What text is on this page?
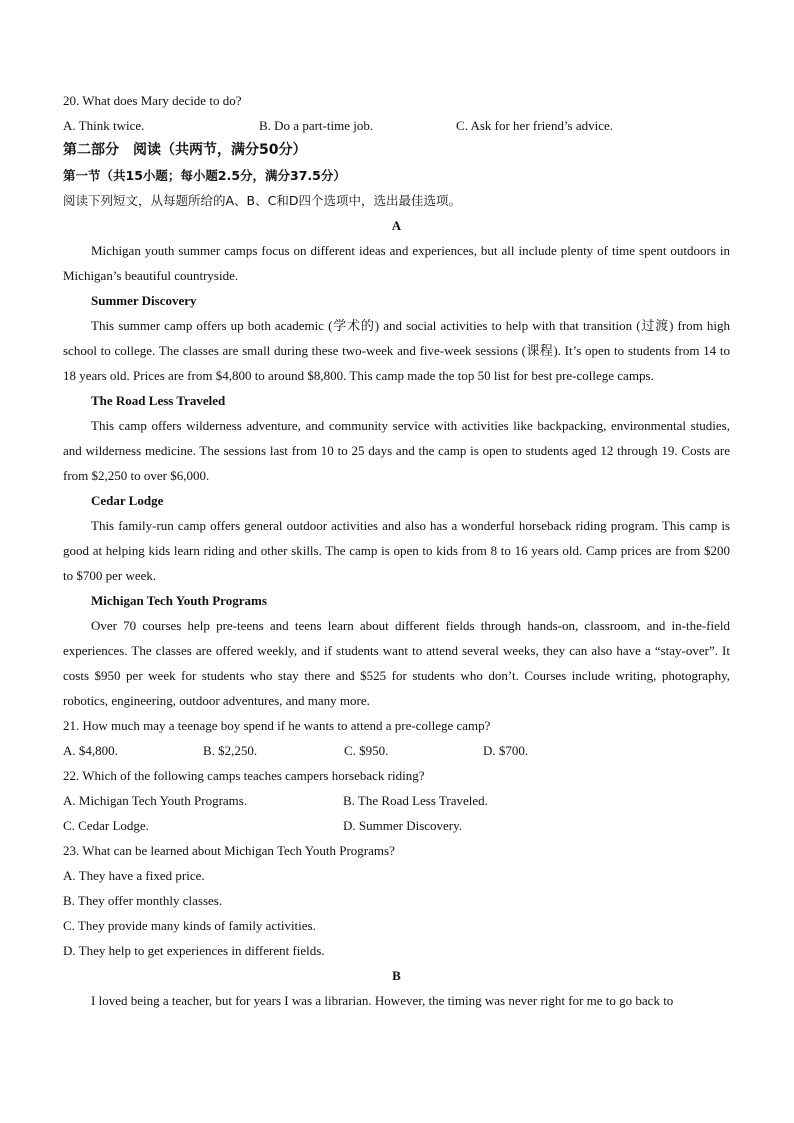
20. What does Mary decide to do?
A. Think twice.	B. Do a part-time job.	C. Ask for her friend’s advice.
第二部分　阅读（共两节，满分50分）
第一节（共15小题；每小题2.5分，满分37.5分）
阅读下列短文，从每题所给的A、B、C和D四个选项中，选出最佳选项。
A
Michigan youth summer camps focus on different ideas and experiences, but all include plenty of time spent outdoors in Michigan’s beautiful countryside.
Summer Discovery
This summer camp offers up both academic (学术的) and social activities to help with that transition (过渡) from high school to college. The classes are small during these two-week and five-week sessions (课程). It’s open to students from 14 to 18 years old. Prices are from $4,800 to around $8,800. This camp made the top 50 list for best pre-college camps.
The Road Less Traveled
This camp offers wilderness adventure, and community service with activities like backpacking, environmental studies, and wilderness medicine. The sessions last from 10 to 25 days and the camp is open to students aged 12 through 19. Costs are from $2,250 to over $6,000.
Cedar Lodge
This family-run camp offers general outdoor activities and also has a wonderful horseback riding program. This camp is good at helping kids learn riding and other skills. The camp is open to kids from 8 to 16 years old. Camp prices are from $200 to $700 per week.
Michigan Tech Youth Programs
Over 70 courses help pre-teens and teens learn about different fields through hands-on, classroom, and in-the-field experiences. The classes are offered weekly, and if students want to attend several weeks, they can also have a “stay-over”. It costs $950 per week for students who stay there and $525 for students who don’t. Courses include writing, photography, robotics, engineering, outdoor adventures, and many more.
21. How much may a teenage boy spend if he wants to attend a pre-college camp?
A. $4,800.	B. $2,250.	C. $950.	D. $700.
22. Which of the following camps teaches campers horseback riding?
A. Michigan Tech Youth Programs.	B. The Road Less Traveled.
C. Cedar Lodge.	D. Summer Discovery.
23. What can be learned about Michigan Tech Youth Programs?
A. They have a fixed price.
B. They offer monthly classes.
C. They provide many kinds of family activities.
D. They help to get experiences in different fields.
B
I loved being a teacher, but for years I was a librarian. However, the timing was never right for me to go back to
